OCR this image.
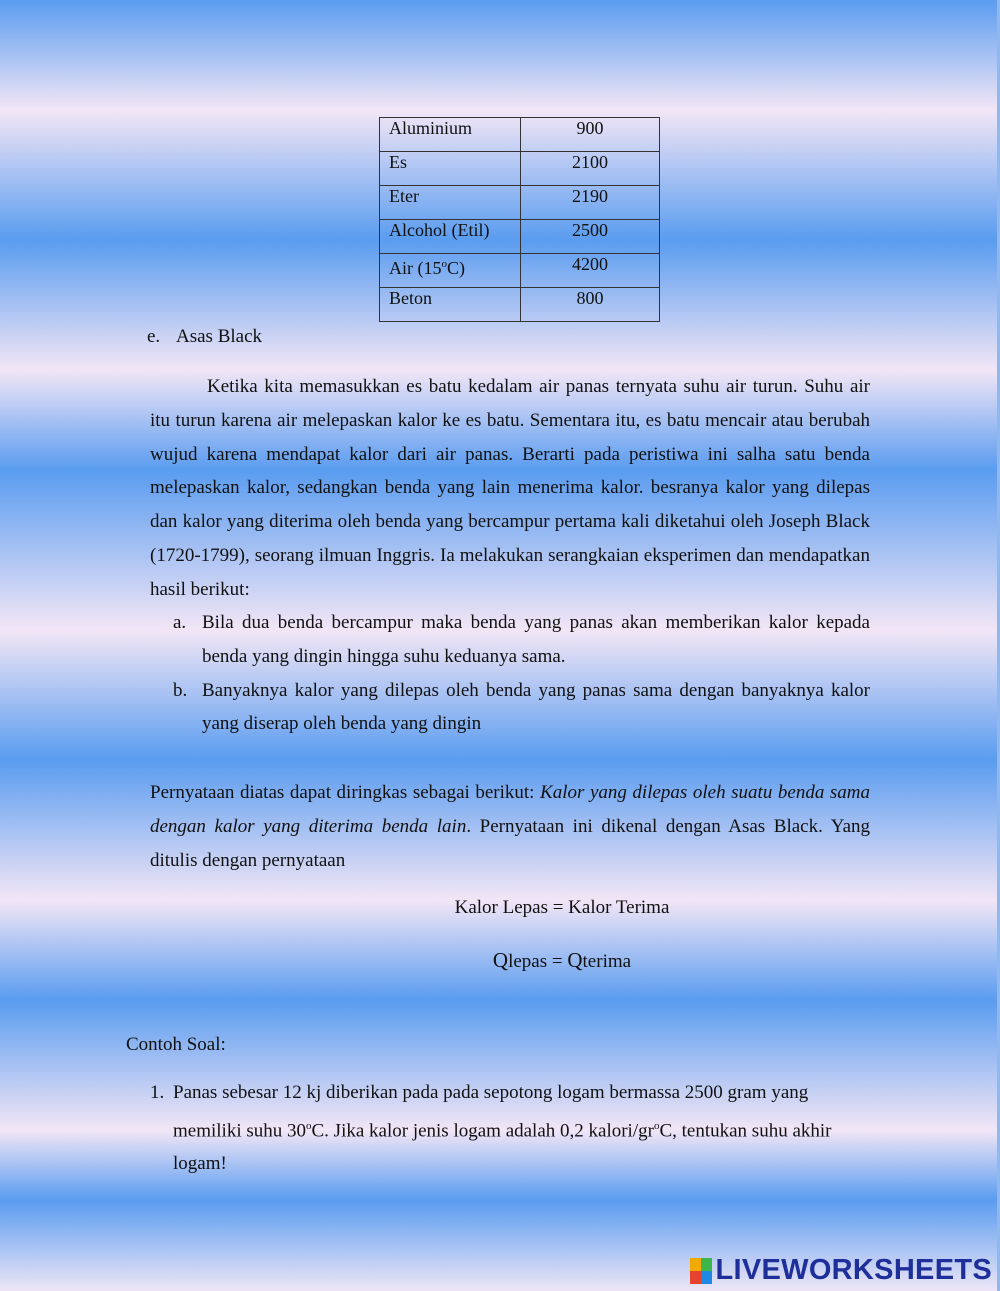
Aluminium	900
Es	2100
Eter	2190
Alcohol (Etil)	2500
Air (15$^o$C)	4200
Beton	800
e. Asas Black
Ketika kita memasukkan es batu kedalam air panas ternyata suhu air turun. Suhu air itu turun karena air melepaskan kalor ke es batu. Sementara itu, es batu mencair atau berubah wujud karena mendapat kalor dari air panas. Berarti pada peristiwa ini salha satu benda melepaskan kalor, sedangkan benda yang lain menerima kalor. besranya kalor yang dilepas dan kalor yang diterima oleh benda yang bercampur pertama kali diketahui oleh Joseph Black (1720-1799), seorang ilmuan Inggris. Ia melakukan serangkaian eksperimen dan mendapatkan hasil berikut:
a. Bila dua benda bercampur maka benda yang panas akan memberikan kalor kepada benda yang dingin hingga suhu keduanya sama.
b. Banyaknya kalor yang dilepas oleh benda yang panas sama dengan banyaknya kalor yang diserap oleh benda yang dingin
Pernyataan diatas dapat diringkas sebagai berikut: Kalor yang dilepas oleh suatu benda sama dengan kalor yang diterima benda lain. Pernyataan ini dikenal dengan Asas Black. Yang ditulis dengan pernyataan
Kalor Lepas = Kalor Terima
Qlepas = Qterima
Contoh Soal:
1. Panas sebesar 12 kj diberikan pada pada sepotong logam bermassa 2500 gram yang memiliki suhu 30$^o$C. Jika kalor jenis logam adalah 0,2 kalori/$gr^oC$, tentukan suhu akhir logam!
LIVEWORKSHEETS
